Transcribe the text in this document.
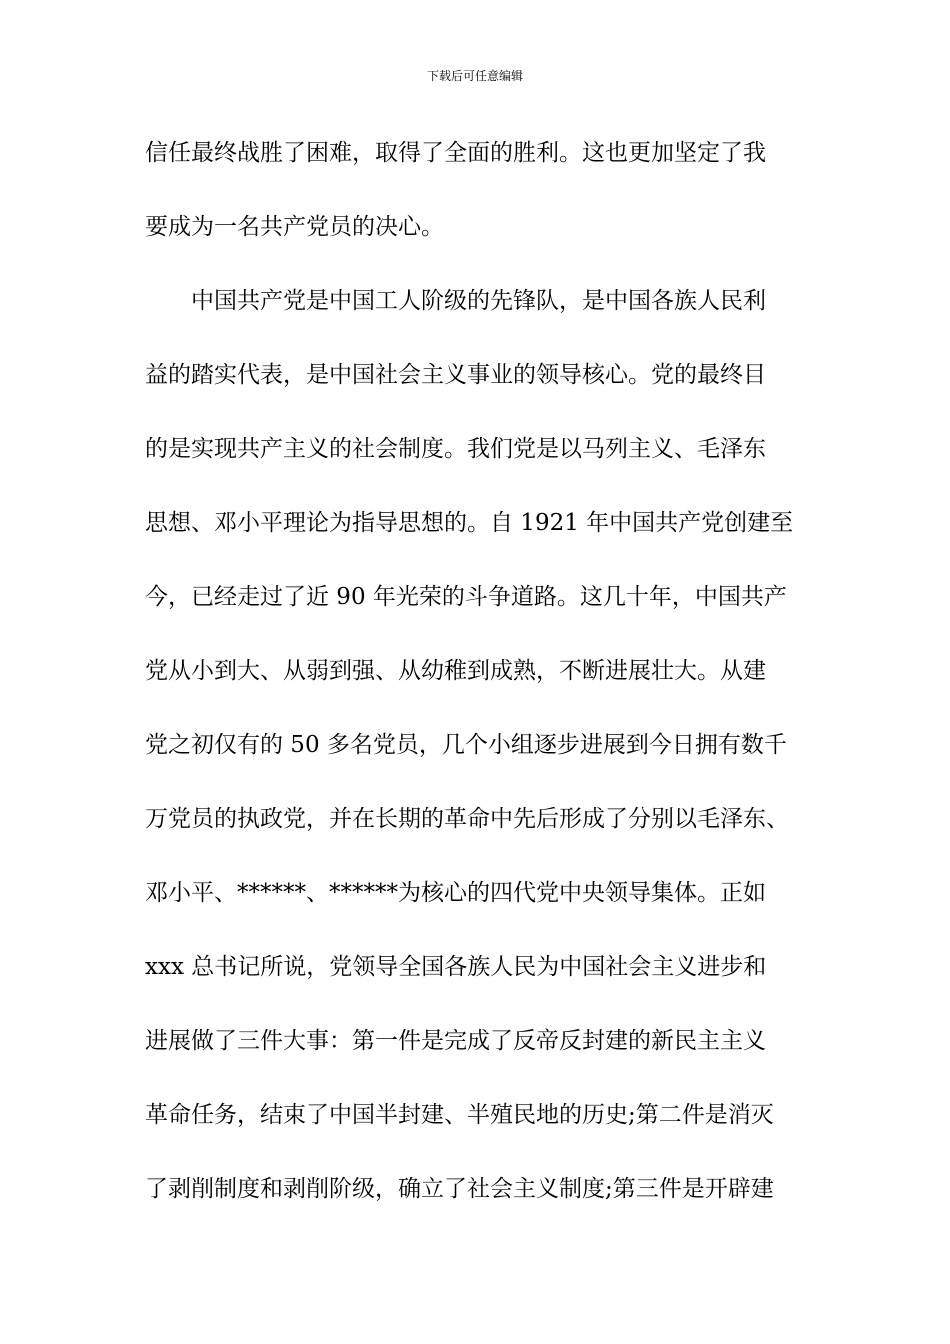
下载后可任意编辑
信任最终战胜了困难，取得了全面的胜利。这也更加坚定了我
要成为一名共产党员的决心。
中国共产党是中国工人阶级的先锋队，是中国各族人民利
益的踏实代表，是中国社会主义事业的领导核心。党的最终目
的是实现共产主义的社会制度。我们党是以马列主义、毛泽东
思想、邓小平理论为指导思想的。自 1921 年中国共产党创建至
今，已经走过了近 90 年光荣的斗争道路。这几十年，中国共产
党从小到大、从弱到强、从幼稚到成熟，不断进展壮大。从建
党之初仅有的 50 多名党员，几个小组逐步进展到今日拥有数千
万党员的执政党，并在长期的革命中先后形成了分别以毛泽东、
邓小平、******、******为核心的四代党中央领导集体。正如
xxx 总书记所说，党领导全国各族人民为中国社会主义进步和
进展做了三件大事：第一件是完成了反帝反封建的新民主主义
革命任务，结束了中国半封建、半殖民地的历史;第二件是消灭
了剥削制度和剥削阶级，确立了社会主义制度;第三件是开辟建
